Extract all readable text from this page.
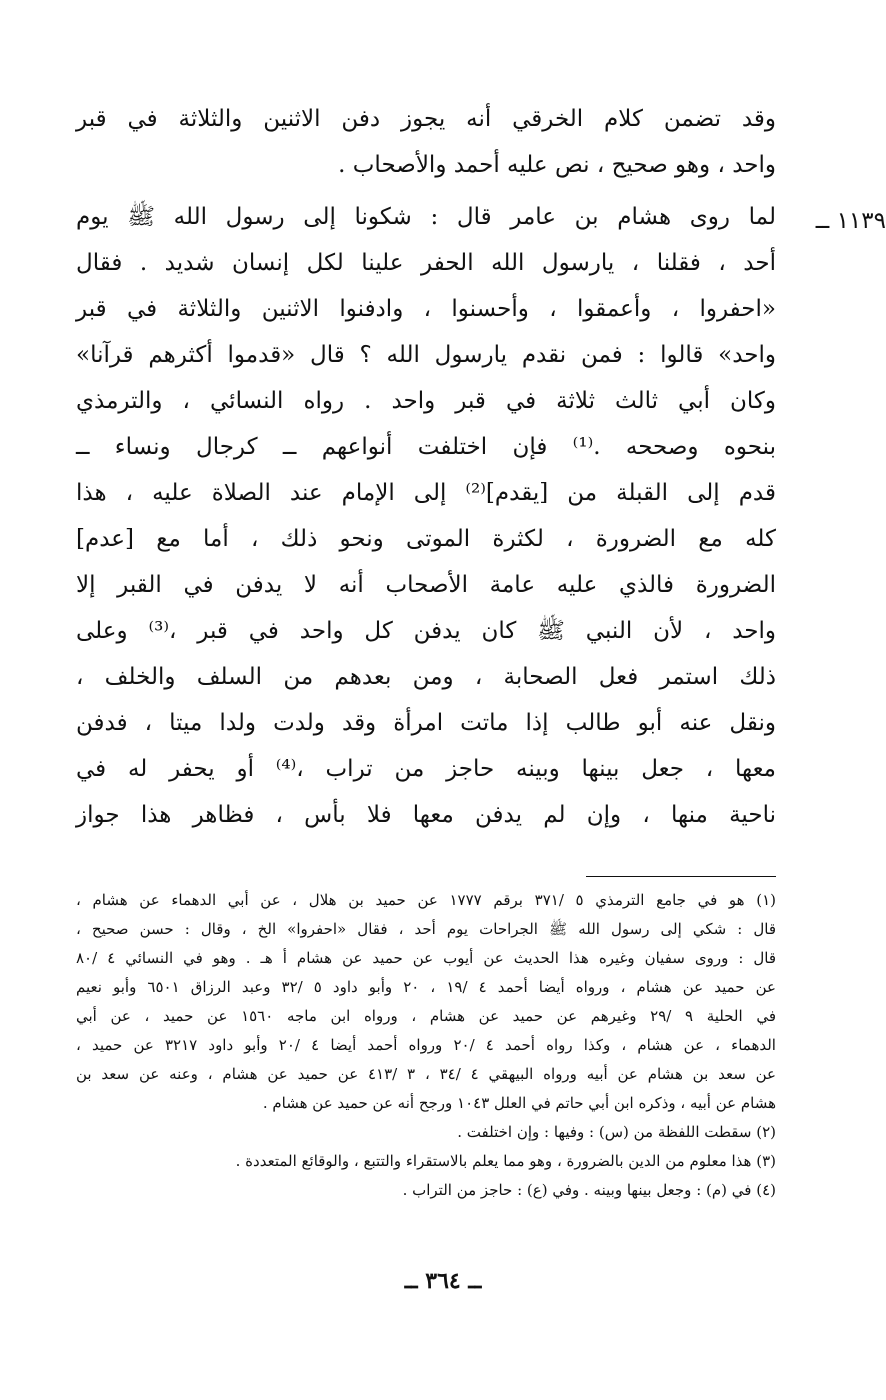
وقد تضمن كلام الخرقي أنه يجوز دفن الاثنين والثلاثة في قبر

واحد ، وهو صحيح ، نص عليه أحمد والأصحاب .

لما روى هشام بن عامر قال : شكونا إلى رسول الله ﷺ يوم

أحد ، فقلنا ، يارسول الله الحفر علينا لكل إنسان شديد . فقال

«احفروا ، وأعمقوا ، وأحسنوا ، وادفنوا الاثنين والثلاثة في قبر

واحد» قالوا : فمن نقدم يارسول الله ؟ قال «قدموا أكثرهم قرآنا»

وكان أبي ثالث ثلاثة في قبر واحد . رواه النسائي ، والترمذي

بنحوه وصححه .⁽¹⁾ فإن اختلفت أنواعهم ــ كرجال ونساء ــ

قدم إلى القبلة من [يقدم]⁽²⁾ إلى الإمام عند الصلاة عليه ، هذا

كله مع الضرورة ، لكثرة الموتى ونحو ذلك ، أما مع [عدم]

الضرورة فالذي عليه عامة الأصحاب أنه لا يدفن في القبر إلا

واحد ، لأن النبي ﷺ كان يدفن كل واحد في قبر ،⁽³⁾ وعلى

ذلك استمر فعل الصحابة ، ومن بعدهم من السلف والخلف ،

ونقل عنه أبو طالب إذا ماتت امرأة وقد ولدت ولدا ميتا ، فدفن

معها ، جعل بينها وبينه حاجز من تراب ،⁽⁴⁾ أو يحفر له في

ناحية منها ، وإن لم يدفن معها فلا بأس ، فظاهر هذا جواز

١١٣٩ ــ

(١) هو في جامع الترمذي ٥ /٣٧١ برقم ١٧٧٧ عن حميد بن هلال ، عن أبي الدهماء عن هشام ،

قال : شكي إلى رسول الله ﷺ الجراحات يوم أحد ، فقال «احفروا» الخ ، وقال : حسن صحيح ،

قال : وروى سفيان وغيره هذا الحديث عن أيوب عن حميد عن هشام أ هـ . وهو في النسائي ٤ /٨٠

عن حميد عن هشام ، ورواه أيضا أحمد ٤ /١٩ ، ٢٠ وأبو داود ٥ /٣٢ وعبد الرزاق ٦٥٠١ وأبو نعيم

في الحلية ٩ /٢٩ وغيرهم عن حميد عن هشام ، ورواه ابن ماجه ١٥٦٠ عن حميد ، عن أبي

الدهماء ، عن هشام ، وكذا رواه أحمد ٤ /٢٠ ورواه أحمد أيضا ٤ /٢٠ وأبو داود ٣٢١٧ عن حميد ،

عن سعد بن هشام عن أبيه ورواه البيهقي ٤ /٣٤ ، ٣ /٤١٣ عن حميد عن هشام ، وعنه عن سعد بن

هشام عن أبيه ، وذكره ابن أبي حاتم في العلل ١٠٤٣ ورجح أنه عن حميد عن هشام .

(٢) سقطت اللفظة من (س) : وفيها : وإن اختلفت .

(٣) هذا معلوم من الدين بالضرورة ، وهو مما يعلم بالاستقراء والتتبع ، والوقائع المتعددة .

(٤) في (م) : وجعل بينها وبينه . وفي (ع) : حاجز من التراب .

ــ ٣٦٤ ــ
